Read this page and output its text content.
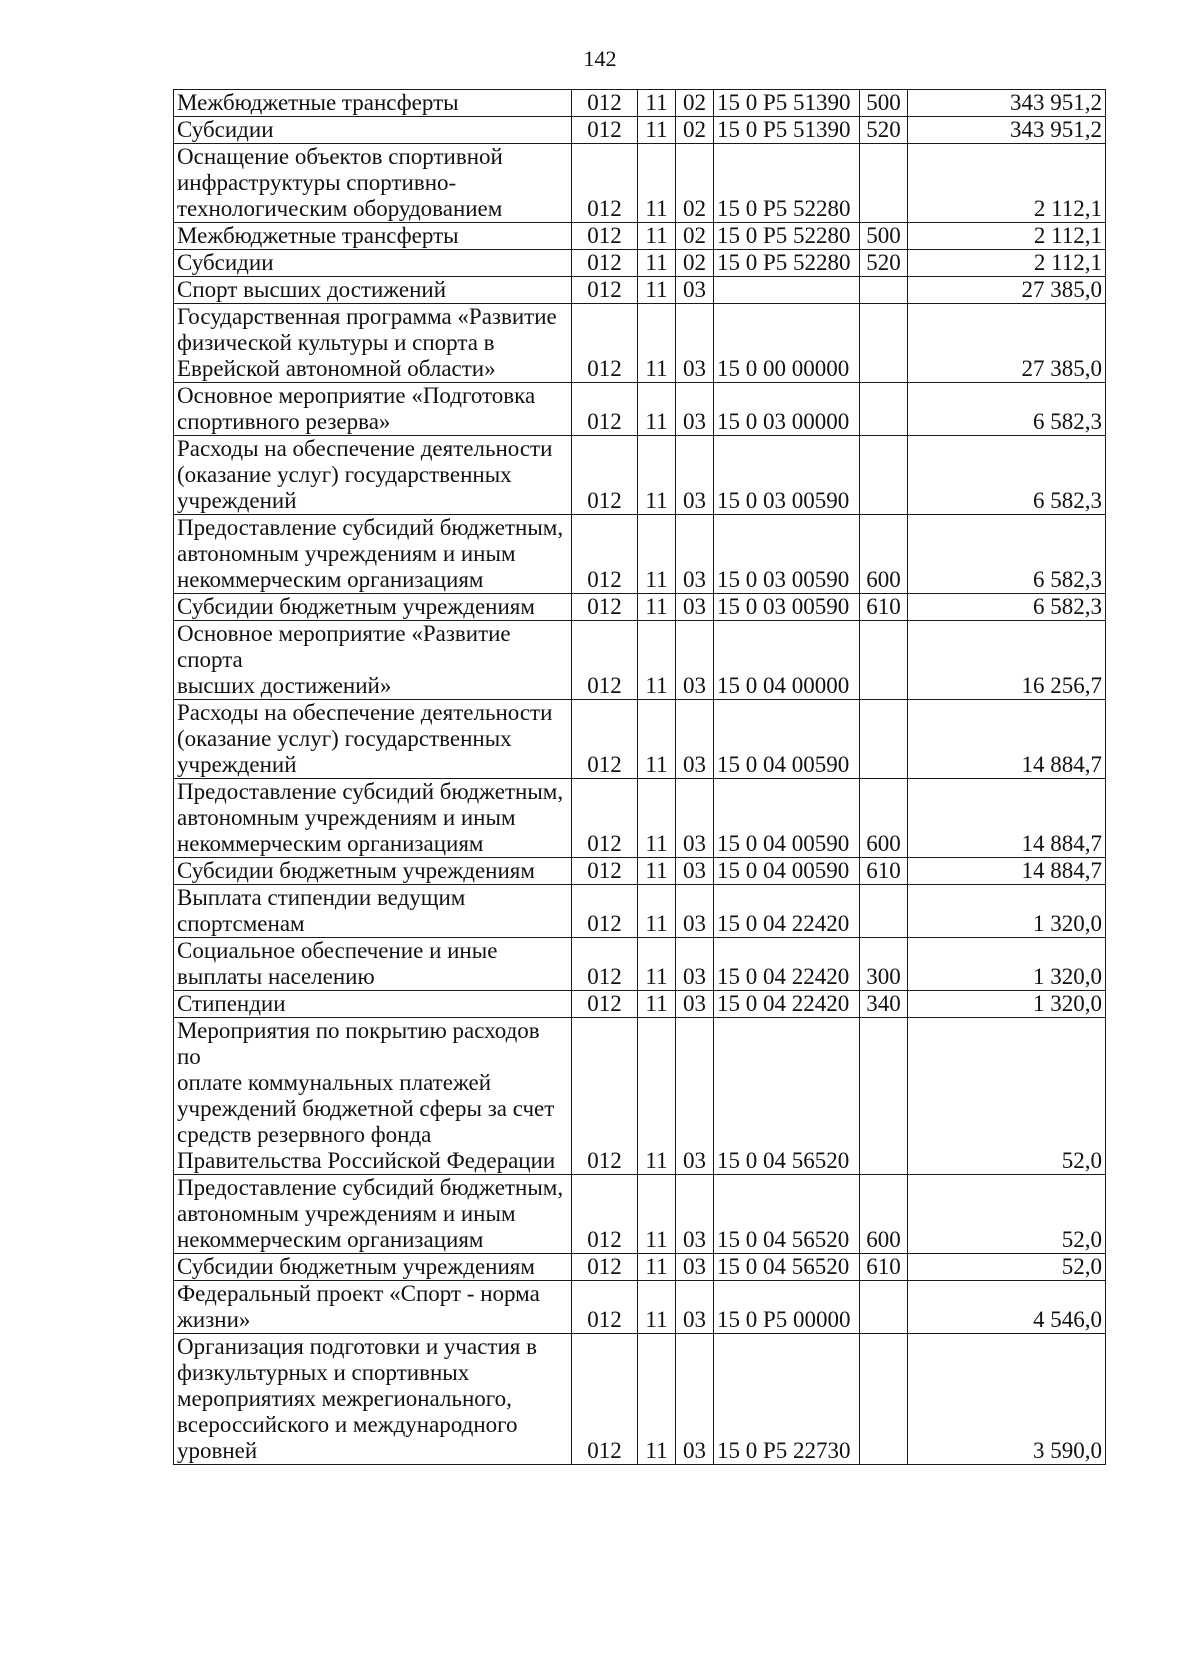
142
Межбюджетные трансферты	012	11	02	15 0 P5 51390	500	343 951,2
Субсидии	012	11	02	15 0 P5 51390	520	343 951,2
Оснащение объектов спортивной
инфраструктуры спортивно-
технологическим оборудованием	012	11	02	15 0 P5 52280		2 112,1
Межбюджетные трансферты	012	11	02	15 0 P5 52280	500	2 112,1
Субсидии	012	11	02	15 0 P5 52280	520	2 112,1
Спорт высших достижений	012	11	03			27 385,0
Государственная программа «Развитие
физической культуры и спорта в
Еврейской автономной области»	012	11	03	15 0 00 00000		27 385,0
Основное мероприятие «Подготовка
спортивного резерва»	012	11	03	15 0 03 00000		6 582,3
Расходы на обеспечение деятельности
(оказание услуг) государственных
учреждений	012	11	03	15 0 03 00590		6 582,3
Предоставление субсидий бюджетным,
автономным учреждениям и иным
некоммерческим организациям	012	11	03	15 0 03 00590	600	6 582,3
Субсидии бюджетным учреждениям	012	11	03	15 0 03 00590	610	6 582,3
Основное мероприятие «Развитие спорта
высших достижений»	012	11	03	15 0 04 00000		16 256,7
Расходы на обеспечение деятельности
(оказание услуг) государственных
учреждений	012	11	03	15 0 04 00590		14 884,7
Предоставление субсидий бюджетным,
автономным учреждениям и иным
некоммерческим организациям	012	11	03	15 0 04 00590	600	14 884,7
Субсидии бюджетным учреждениям	012	11	03	15 0 04 00590	610	14 884,7
Выплата стипендии ведущим
спортсменам	012	11	03	15 0 04 22420		1 320,0
Социальное обеспечение и иные
выплаты населению	012	11	03	15 0 04 22420	300	1 320,0
Стипендии	012	11	03	15 0 04 22420	340	1 320,0
Мероприятия по покрытию расходов по
оплате коммунальных платежей
учреждений бюджетной сферы за счет
средств резервного фонда
Правительства Российской Федерации	012	11	03	15 0 04 56520		52,0
Предоставление субсидий бюджетным,
автономным учреждениям и иным
некоммерческим организациям	012	11	03	15 0 04 56520	600	52,0
Субсидии бюджетным учреждениям	012	11	03	15 0 04 56520	610	52,0
Федеральный проект «Спорт - норма
жизни»	012	11	03	15 0 P5 00000		4 546,0
Организация подготовки и участия в
физкультурных и спортивных
мероприятиях межрегионального,
всероссийского и международного
уровней	012	11	03	15 0 P5 22730		3 590,0
